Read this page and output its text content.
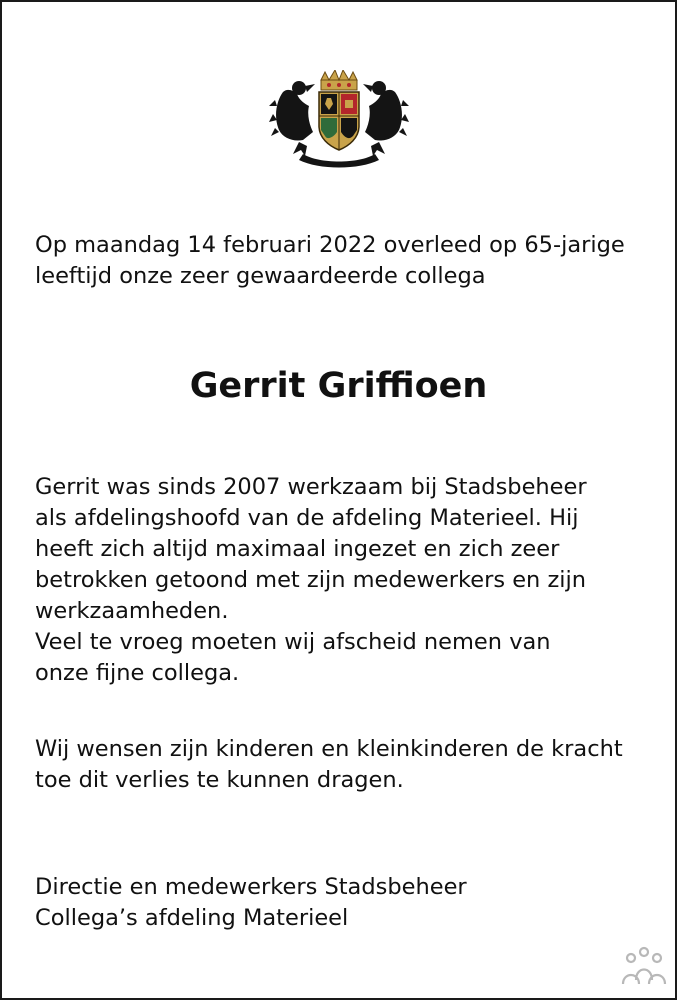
Op maandag 14 februari 2022 overleed op 65-jarige
leeftijd onze zeer gewaardeerde collega

Gerrit Griffioen

Gerrit was sinds 2007 werkzaam bij Stadsbeheer
als afdelingshoofd van de afdeling Materieel. Hij
heeft zich altijd maximaal ingezet en zich zeer
betrokken getoond met zijn medewerkers en zijn
werkzaamheden.
Veel te vroeg moeten wij afscheid nemen van
onze fijne collega.

Wij wensen zijn kinderen en kleinkinderen de kracht
toe dit verlies te kunnen dragen.

Directie en medewerkers Stadsbeheer
Collega’s afdeling Materieel
